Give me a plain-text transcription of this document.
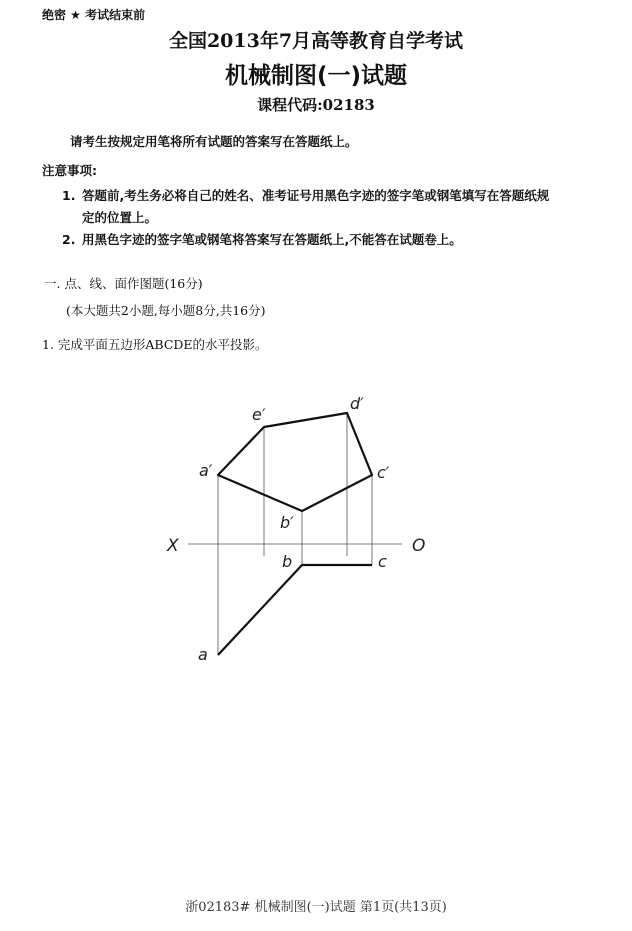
绝密 ★ 考试结束前
全国2013年7月高等教育自学考试
机械制图(一)试题
课程代码:02183
请考生按规定用笔将所有试题的答案写在答题纸上。
注意事项:
1. 答题前,考生务必将自己的姓名、准考证号用黑色字迹的签字笔或钢笔填写在答题纸规
定的位置上。
2. 用黑色字迹的签字笔或钢笔将答案写在答题纸上,不能答在试题卷上。
一. 点、线、面作图题(16分)
(本大题共2小题,每小题8分,共16分)
1. 完成平面五边形ABCDE的水平投影。
e′
d′
a′	c′
b′
X	O
b	c
a
浙02183# 机械制图(一)试题 第1页(共13页)
